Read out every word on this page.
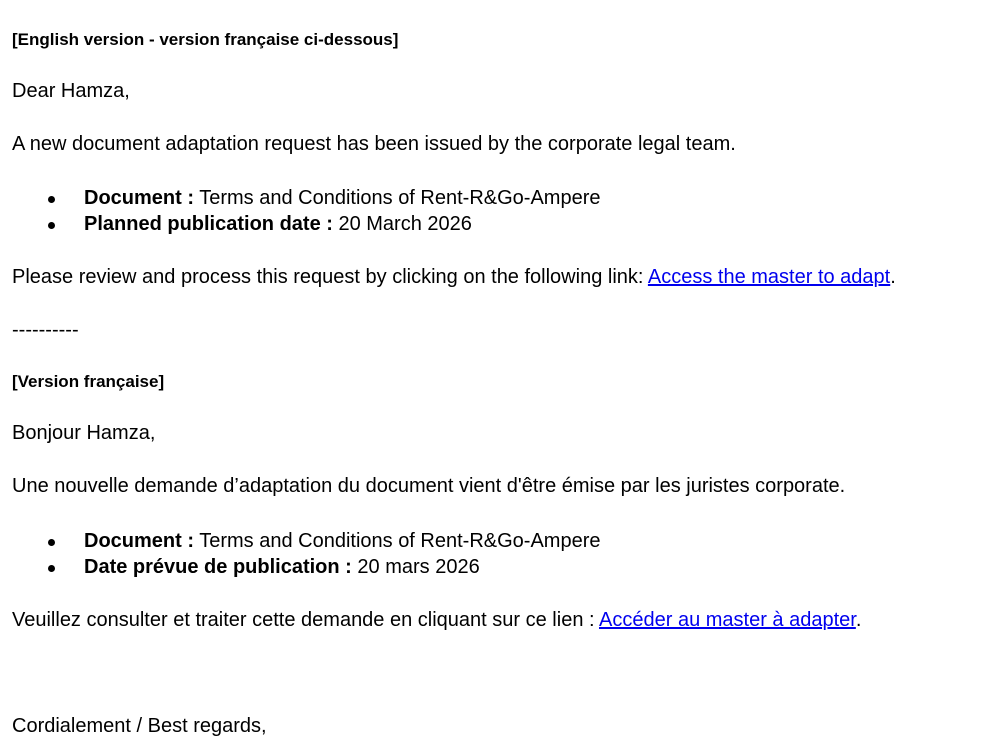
[English version - version française ci-dessous]
Dear Hamza,
A new document adaptation request has been issued by the corporate legal team.
Document : Terms and Conditions of Rent-R&Go-Ampere
Planned publication date : 20 March 2026
Please review and process this request by clicking on the following link: Access the master to adapt.
----------
[Version française]
Bonjour Hamza,
Une nouvelle demande d’adaptation du document vient d'être émise par les juristes corporate.
Document : Terms and Conditions of Rent-R&Go-Ampere
Date prévue de publication : 20 mars 2026
Veuillez consulter et traiter cette demande en cliquant sur ce lien : Accéder au master à adapter.
Cordialement / Best regards,
